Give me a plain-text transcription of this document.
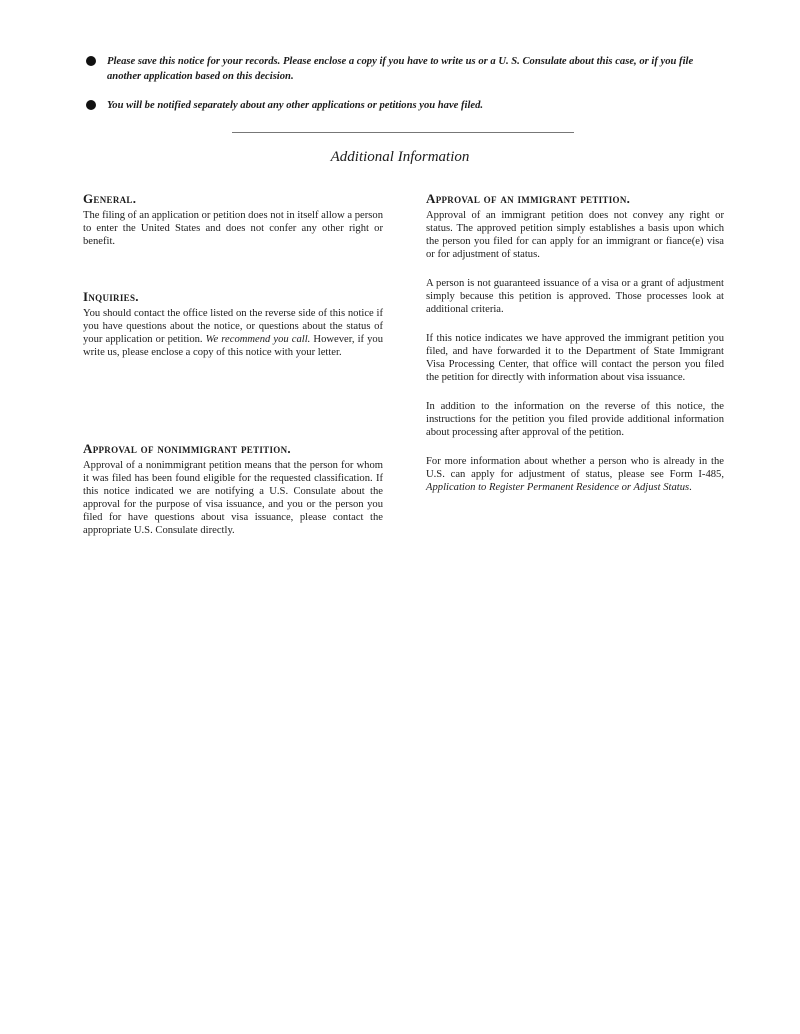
Please save this notice for your records. Please enclose a copy if you have to write us or a U. S. Consulate about this case, or if you file another application based on this decision.
You will be notified separately about any other applications or petitions you have filed.
Additional Information
General.

The filing of an application or petition does not in itself allow a person to enter the United States and does not confer any other right or benefit.

Inquiries.

You should contact the office listed on the reverse side of this notice if you have questions about the notice, or questions about the status of your application or petition. We recommend you call. However, if you write us, please enclose a copy of this notice with your letter.

Approval of nonimmigrant petition.

Approval of a nonimmigrant petition means that the person for whom it was filed has been found eligible for the requested classification. If this notice indicated we are notifying a U.S. Consulate about the approval for the purpose of visa issuance, and you or the person you filed for have questions about visa issuance, please contact the appropriate U.S. Consulate directly.

Approval of an immigrant petition.

Approval of an immigrant petition does not convey any right or status. The approved petition simply establishes a basis upon which the person you filed for can apply for an immigrant or fiance(e) visa or for adjustment of status.

A person is not guaranteed issuance of a visa or a grant of adjustment simply because this petition is approved. Those processes look at additional criteria.

If this notice indicates we have approved the immigrant petition you filed, and have forwarded it to the Department of State Immigrant Visa Processing Center, that office will contact the person you filed the petition for directly with information about visa issuance.

In addition to the information on the reverse of this notice, the instructions for the petition you filed provide additional information about processing after approval of the petition.

For more information about whether a person who is already in the U.S. can apply for adjustment of status, please see Form I-485, Application to Register Permanent Residence or Adjust Status.
